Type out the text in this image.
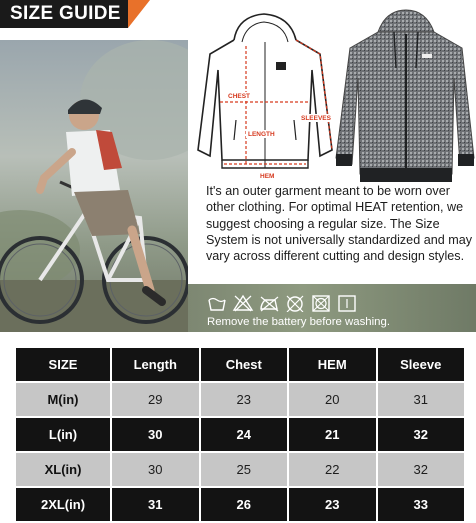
SIZE GUIDE
CHEST
LENGTH
SLEEVES
HEM
It's an outer garment meant to be worn over other clothing. For optimal HEAT retention, we suggest choosing a regular size. The Size System is not universally standardized and may vary across different cutting and design styles.
Remove the battery before washing.
SIZE	Length	Chest	HEM	Sleeve
M(in)	29	23	20	31
L(in)	30	24	21	32
XL(in)	30	25	22	32
2XL(in)	31	26	23	33
